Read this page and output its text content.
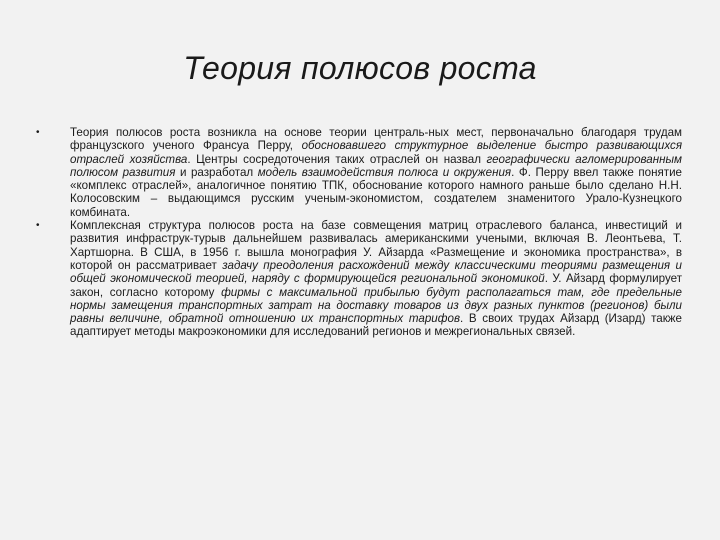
Теория полюсов роста
•	Теория полюсов роста возникла на основе теории централь-ных мест, первоначально благодаря трудам французского ученого Франсуа Перру, обосновавшего структурное выделение быстро развивающихся отраслей хозяйства. Центры сосредоточения таких отраслей он назвал географически агломерированным полюсом развития и разработал модель взаимодействия полюса и окружения. Ф. Перру ввел также понятие «комплекс отраслей», аналогичное понятию ТПК, обоснование которого намного раньше было сделано Н.Н. Колосовским – выдающимся русским ученым-экономистом, создателем знаменитого Урало-Кузнецкого комбината.

•	Комплексная структура полюсов роста на базе совмещения матриц отраслевого баланса, инвестиций и развития инфраструк-турыв дальнейшем развивалась американскими учеными, включая В. Леонтьева, Т. Хартшорна. В США, в 1956 г. вышла монография У. Айзарда «Размещение и экономика пространства», в которой он рассматривает задачу преодоления расхождений между классическими теориями размещения и общей экономической теорией, наряду с формирующейся региональной экономикой. У. Айзард формулирует закон, согласно которому фирмы с максимальной прибылью будут располагаться там, где предельные нормы замещения транспортных затрат на доставку товаров из двух разных пунктов (регионов) были равны величине, обратной отношению их транспортных тарифов. В своих трудах Айзард (Изард) также адаптирует методы макроэкономики для исследований регионов и межрегиональных связей.
